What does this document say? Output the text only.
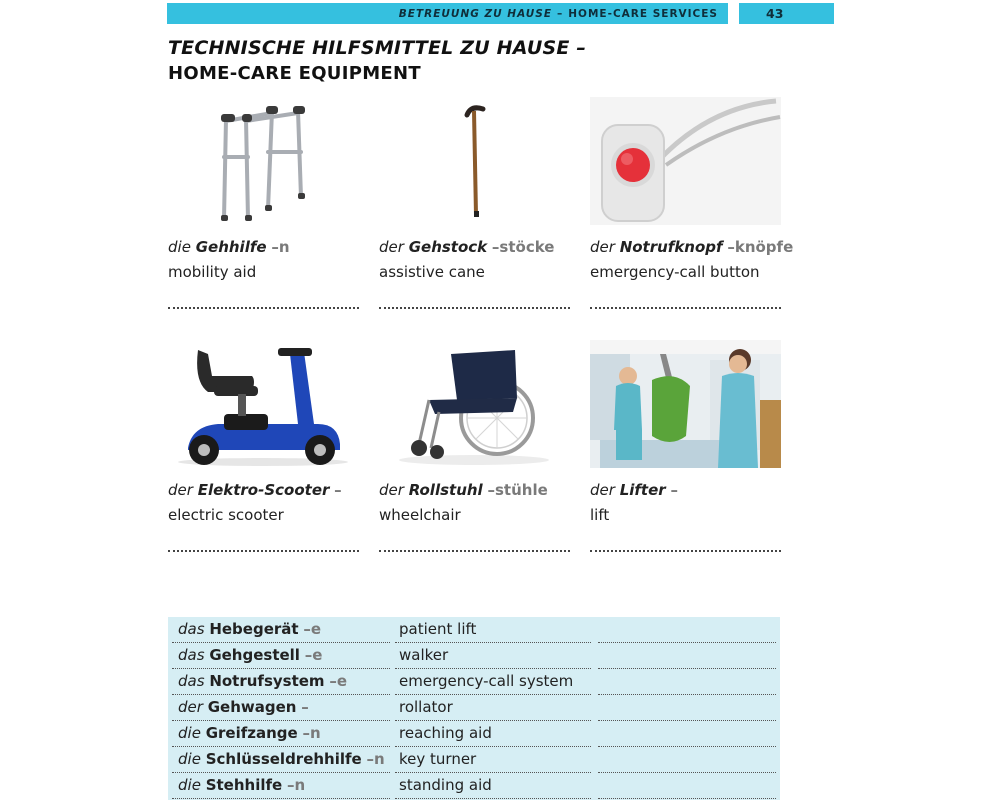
BETREUUNG ZU HAUSE – HOME-CARE SERVICES	43
TECHNISCHE HILFSMITTEL ZU HAUSE –
HOME-CARE EQUIPMENT
die Gehhilfe –n
mobility aid
der Gehstock –stöcke
assistive cane
der Notrufknopf –knöpfe
emergency-call button
der Elektro-Scooter –
electric scooter
der Rollstuhl –stühle
wheelchair
der Lifter –
lift
das Hebegerät –e	patient lift
das Gehgestell –e	walker
das Notrufsystem –e	emergency-call system
der Gehwagen –	rollator
die Greifzange –n	reaching aid
die Schlüsseldrehhilfe –n key turner
die Stehhilfe –n	standing aid
